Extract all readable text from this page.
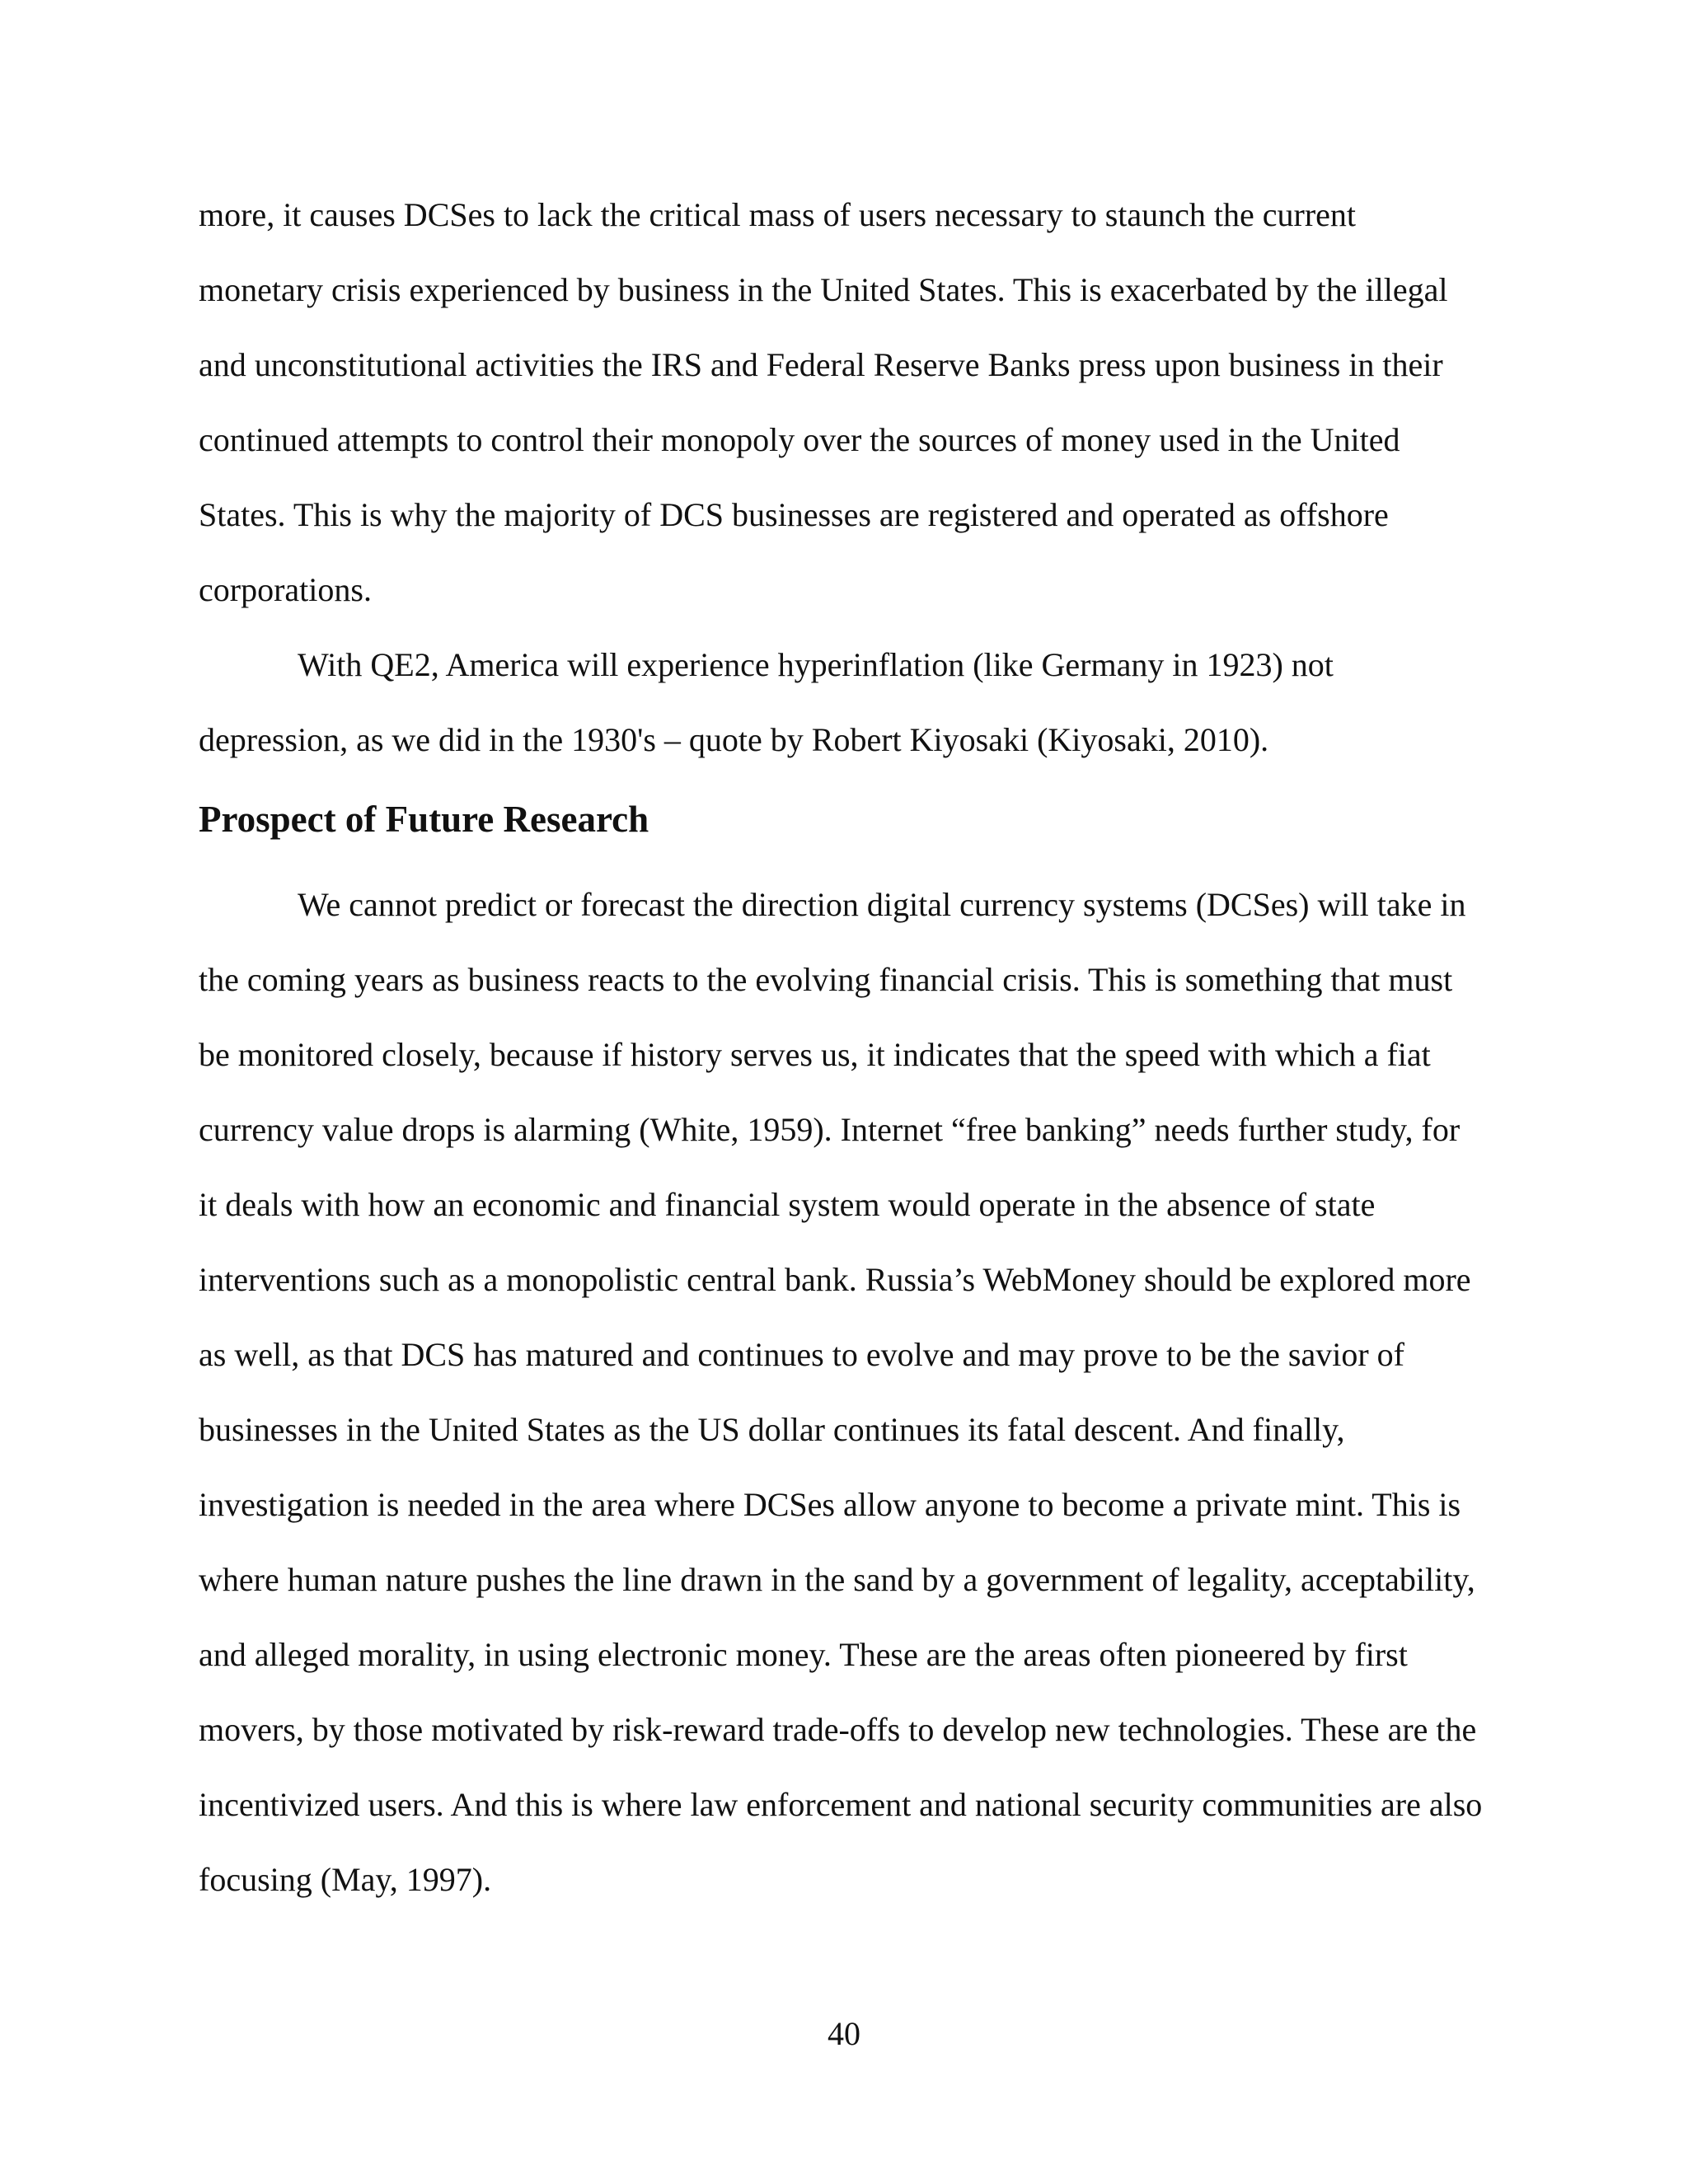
more, it causes DCSes to lack the critical mass of users necessary to staunch the current
monetary crisis experienced by business in the United States. This is exacerbated by the illegal
and unconstitutional activities the IRS and Federal Reserve Banks press upon business in their
continued attempts to control their monopoly over the sources of money used in the United
States. This is why the majority of DCS businesses are registered and operated as offshore
corporations.
With QE2, America will experience hyperinflation (like Germany in 1923) not
depression, as we did in the 1930's – quote by Robert Kiyosaki (Kiyosaki, 2010).
Prospect of Future Research
We cannot predict or forecast the direction digital currency systems (DCSes) will take in
the coming years as business reacts to the evolving financial crisis. This is something that must
be monitored closely, because if history serves us, it indicates that the speed with which a fiat
currency value drops is alarming (White, 1959). Internet “free banking” needs further study, for
it deals with how an economic and financial system would operate in the absence of state
interventions such as a monopolistic central bank. Russia’s WebMoney should be explored more
as well, as that DCS has matured and continues to evolve and may prove to be the savior of
businesses in the United States as the US dollar continues its fatal descent. And finally,
investigation is needed in the area where DCSes allow anyone to become a private mint. This is
where human nature pushes the line drawn in the sand by a government of legality, acceptability,
and alleged morality, in using electronic money. These are the areas often pioneered by first
movers, by those motivated by risk-reward trade-offs to develop new technologies. These are the
incentivized users. And this is where law enforcement and national security communities are also
focusing (May, 1997).
40
